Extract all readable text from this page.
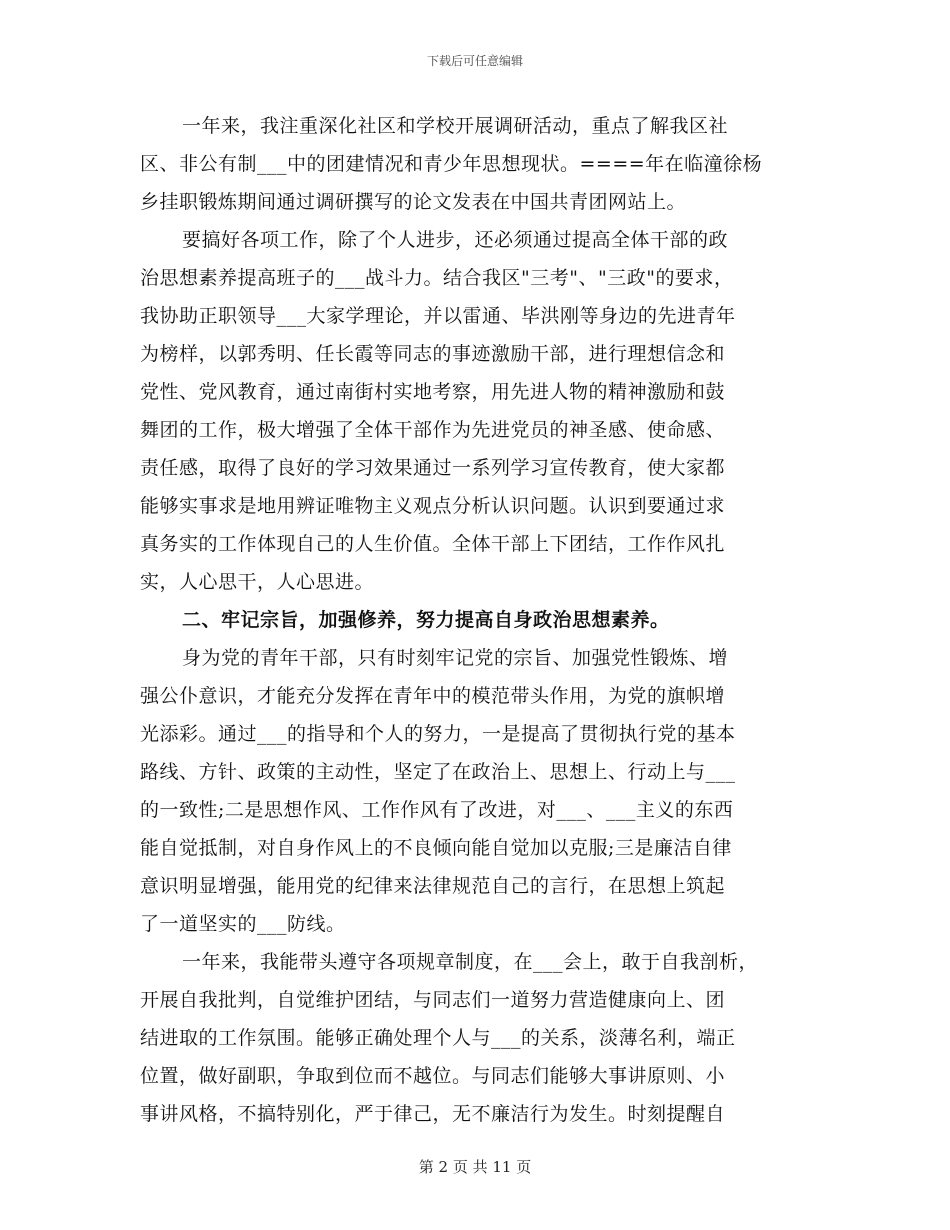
下载后可任意编辑
一年来，我注重深化社区和学校开展调研活动，重点了解我区社
区、非公有制___中的团建情况和青少年思想现状。====年在临潼徐杨
乡挂职锻炼期间通过调研撰写的论文发表在中国共青团网站上。
要搞好各项工作，除了个人进步，还必须通过提高全体干部的政
治思想素养提高班子的___战斗力。结合我区"三考"、"三政"的要求，
我协助正职领导___大家学理论，并以雷通、毕洪刚等身边的先进青年
为榜样，以郭秀明、任长霞等同志的事迹激励干部，进行理想信念和
党性、党风教育，通过南街村实地考察，用先进人物的精神激励和鼓
舞团的工作，极大增强了全体干部作为先进党员的神圣感、使命感、
责任感，取得了良好的学习效果通过一系列学习宣传教育，使大家都
能够实事求是地用辨证唯物主义观点分析认识问题。认识到要通过求
真务实的工作体现自己的人生价值。全体干部上下团结，工作作风扎
实，人心思干，人心思进。
二、牢记宗旨，加强修养，努力提高自身政治思想素养。
身为党的青年干部，只有时刻牢记党的宗旨、加强党性锻炼、增
强公仆意识，才能充分发挥在青年中的模范带头作用，为党的旗帜增
光添彩。通过___的指导和个人的努力，一是提高了贯彻执行党的基本
路线、方针、政策的主动性，坚定了在政治上、思想上、行动上与___
的一致性;二是思想作风、工作作风有了改进，对___、___主义的东西
能自觉抵制，对自身作风上的不良倾向能自觉加以克服;三是廉洁自律
意识明显增强，能用党的纪律来法律规范自己的言行，在思想上筑起
了一道坚实的___防线。
一年来，我能带头遵守各项规章制度，在___会上，敢于自我剖析，
开展自我批判，自觉维护团结，与同志们一道努力营造健康向上、团
结进取的工作氛围。能够正确处理个人与___的关系，淡薄名利，端正
位置，做好副职，争取到位而不越位。与同志们能够大事讲原则、小
事讲风格，不搞特别化，严于律己，无不廉洁行为发生。时刻提醒自
第 2 页 共 11 页
